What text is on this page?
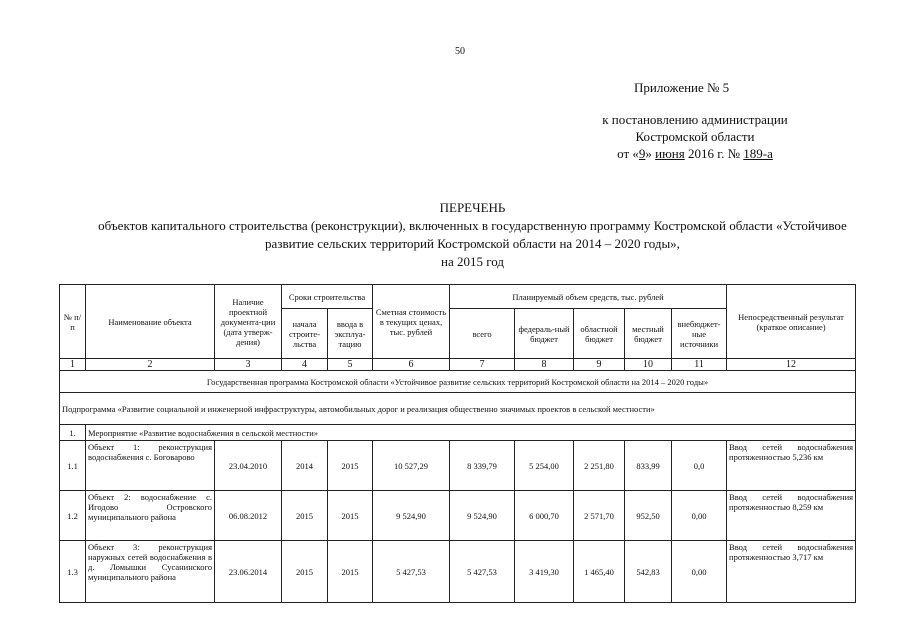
50
Приложение № 5
к постановлению администрации
Костромской области
от «9» июня 2016 г. № 189-а
ПЕРЕЧЕНЬ
объектов капитального строительства (реконструкции), включенных в государственную программу Костромской области «Устойчивое
развитие сельских территорий Костромской области на 2014 – 2020 годы»,
на 2015 год
№ п/п	Наименование объекта	Наличие проектной документа-ции (дата утверж-дения)	Сроки строительства		Сметная стоимость в текущих ценах, тыс. рублей	Планируемый объем средств, тыс. рублей					Непосредственный результат (краткое описание)
			начала строите-льства	ввода в эксплуа-тацию		всего	федераль-ный бюджет	областной бюджет	местный бюджет	внебюджет-ные источники	
1	2	3	4	5	6	7	8	9	10	11	12
Государственная программа Костромской области «Устойчивое развитие сельских территорий Костромской области на 2014 – 2020 годы»											
Подпрограмма «Развитие социальной и инженерной инфраструктуры, автомобильных дорог и реализация общественно значимых проектов в сельской местности»											
1.	Мероприятие «Развитие водоснабжения в сельской местности»										
1.1	Объект 1: реконструкция водоснабжения с. Боговарово	23.04.2010	2014	2015	10 527,29	8 339,79	5 254,00	2 251,80	833,99	0,0	Ввод сетей водоснабжения протяженностью 5,236 км
1.2	Объект 2: водоснабжение с. Игодово Островского муниципального района	06.08.2012	2015	2015	9 524,90	9 524,90	6 000,70	2 571,70	952,50	0,00	Ввод сетей водоснабжения протяженностью 8,259 км
1.3	Объект 3: реконструкция наружных сетей водоснабжения в д. Ломышки Сусанинского муниципального района	23.06.2014	2015	2015	5 427,53	5 427,53	3 419,30	1 465,40	542,83	0,00	Ввод сетей водоснабжения протяженностью 3,717 км
